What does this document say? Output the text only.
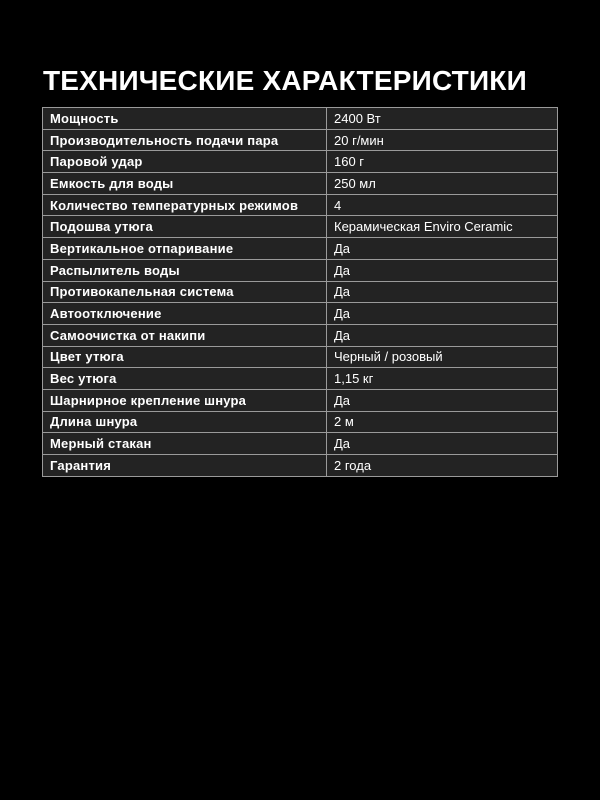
ТЕХНИЧЕСКИЕ ХАРАКТЕРИСТИКИ
Мощность	2400 Вт
Производительность подачи пара	20 г/мин
Паровой удар	160 г
Емкость для воды	250 мл
Количество температурных режимов	4
Подошва утюга	Керамическая Enviro Ceramic
Вертикальное отпаривание	Да
Распылитель воды	Да
Противокапельная система	Да
Автоотключение	Да
Самоочистка от накипи	Да
Цвет утюга	Черный / розовый
Вес утюга	1,15 кг
Шарнирное крепление шнура	Да
Длина шнура	2 м
Мерный стакан	Да
Гарантия	2 года
